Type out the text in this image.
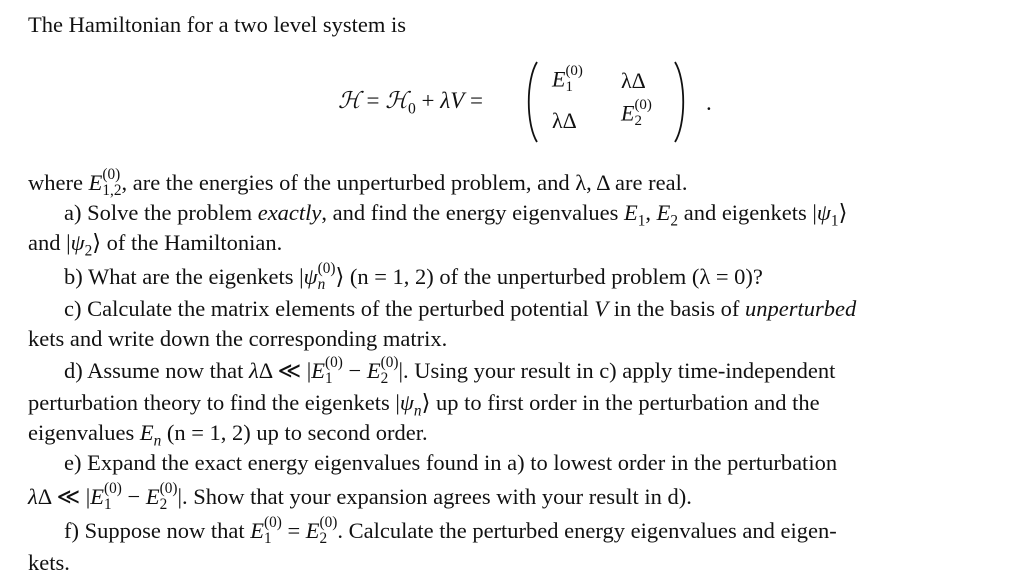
The Hamiltonian for a two level system is
ℋ = ℋ$_0$ + λV =
E (0)
1	λΔ
λΔ E (0)
2
.
where E (0)
1,2 , are the energies of the unperturbed problem, and λ, Δ are real.
a) Solve the problem exactly, and find the energy eigenvalues $E_1$, $E_2$ and eigenkets $|\psi_1⟩$
and $|\psi_2⟩$ of the Hamiltonian.
b) What are the eigenkets |ψ (0)
n ⟩ (n = 1, 2) of the unperturbed problem (λ = 0)?
c) Calculate the matrix elements of the perturbed potential V in the basis of unperturbed
kets and write down the corresponding matrix.
d) Assume now that λΔ ≪ |E (0)
1 − E (0)
2 |. Using your result in c) apply time-independent
perturbation theory to find the eigenkets $|\psi_n⟩$ up to first order in the perturbation and the
eigenvalues $E_n$ (n = 1, 2) up to second order.
e) Expand the exact energy eigenvalues found in a) to lowest order in the perturbation
λΔ ≪ |E (0)
1 − E (0)
2 |. Show that your expansion agrees with your result in d).
f) Suppose now that E (0)
1 = E (0)
2 . Calculate the perturbed energy eigenvalues and eigen-
kets.
